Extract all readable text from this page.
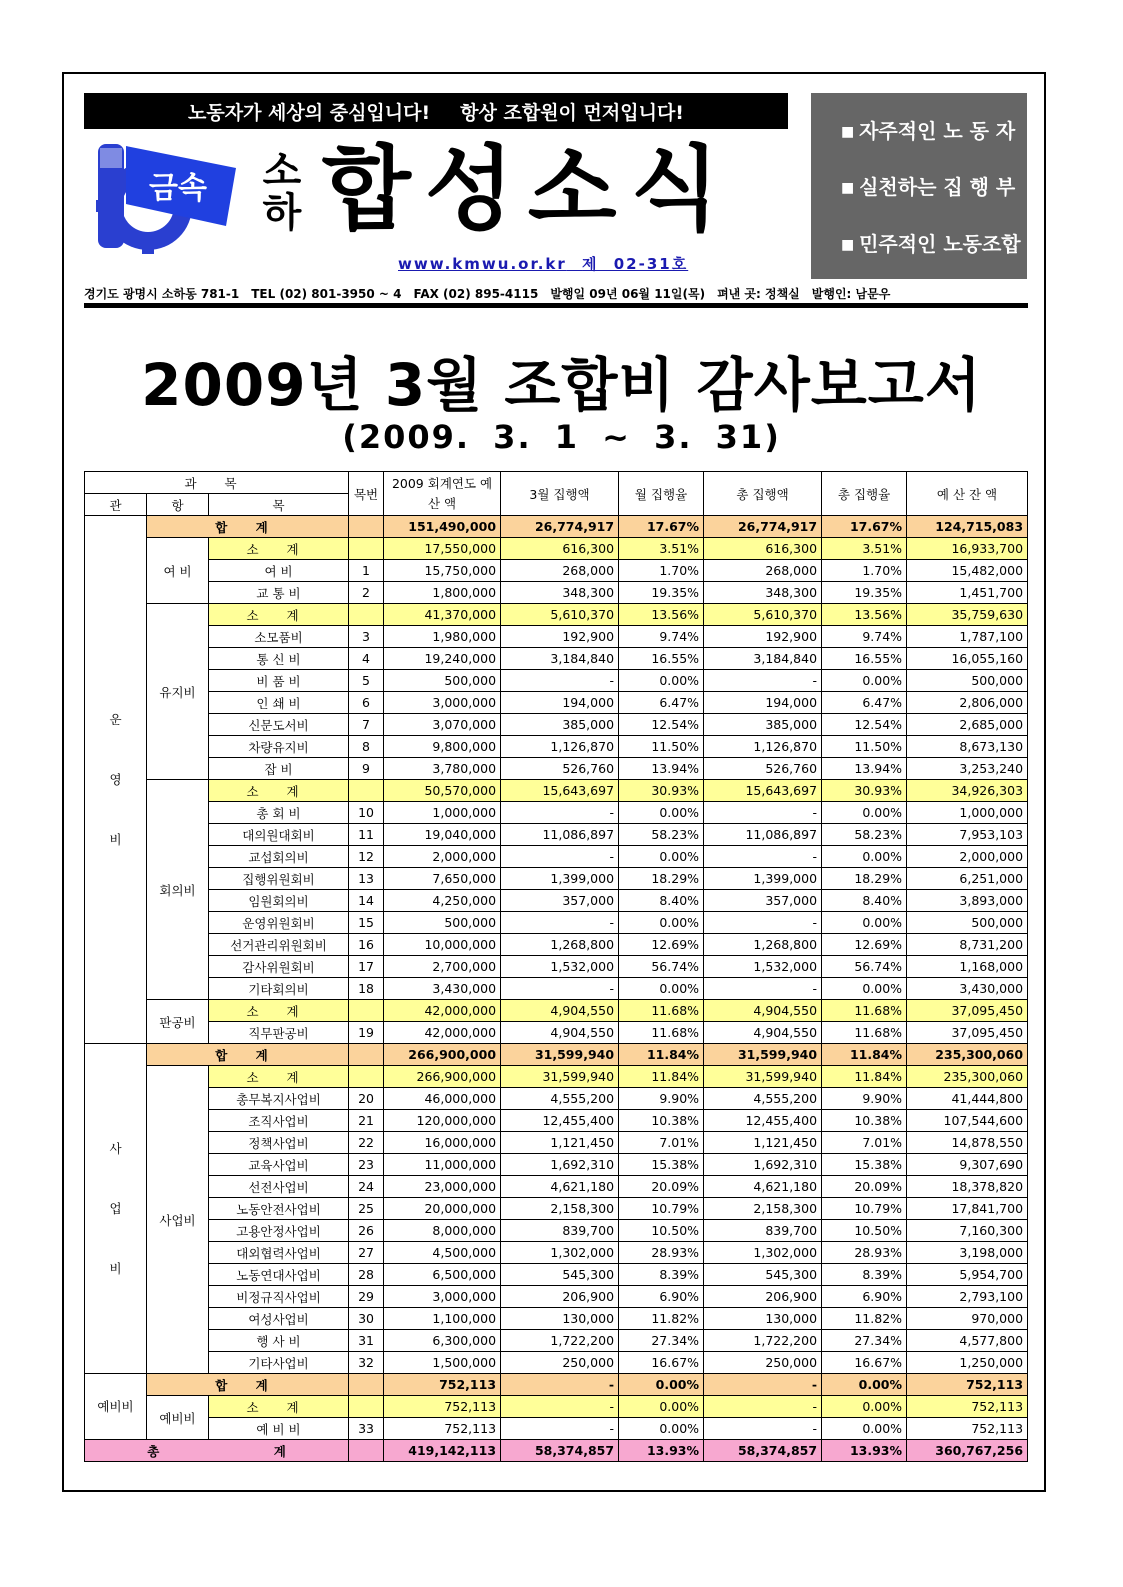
노동자가 세상의 중심입니다! 항상 조합원이 먼저입니다!
금속 소
하 합성소식
www.kmwu.or.kr 제 02-31호
■ 자주적인 노 동 자
■ 실천하는 집 행 부
■ 민주적인 노동조합
경기도 광명시 소하동 781-1 TEL (02) 801-3950 ~ 4 FAX (02) 895-4115 발행일 09년 06월 11일(목) 펴낸 곳: 정책실 발행인: 남문우
2009년 3월 조합비 감사보고서
(2009. 3. 1 ~ 3. 31)
과 목			목번	2009 회계연도 예 산 액	3월 집행액	월 집행율	총 집행액	총 집행율	예 산 잔 액
관	항	목							
운
영
비	합 계			151,490,000	26,774,917	17.67%	26,774,917	17.67%	124,715,083
	여 비	소 계		17,550,000	616,300	3.51%	616,300	3.51%	16,933,700
		여 비	1	15,750,000	268,000	1.70%	268,000	1.70%	15,482,000
		교 통 비	2	1,800,000	348,300	19.35%	348,300	19.35%	1,451,700
	유지비	소 계		41,370,000	5,610,370	13.56%	5,610,370	13.56%	35,759,630
		소모품비	3	1,980,000	192,900	9.74%	192,900	9.74%	1,787,100
		통 신 비	4	19,240,000	3,184,840	16.55%	3,184,840	16.55%	16,055,160
		비 품 비	5	500,000	-	0.00%	-	0.00%	500,000
		인 쇄 비	6	3,000,000	194,000	6.47%	194,000	6.47%	2,806,000
		신문도서비	7	3,070,000	385,000	12.54%	385,000	12.54%	2,685,000
		차량유지비	8	9,800,000	1,126,870	11.50%	1,126,870	11.50%	8,673,130
		잡 비	9	3,780,000	526,760	13.94%	526,760	13.94%	3,253,240
	회의비	소 계		50,570,000	15,643,697	30.93%	15,643,697	30.93%	34,926,303
		총 회 비	10	1,000,000	-	0.00%	-	0.00%	1,000,000
		대의원대회비	11	19,040,000	11,086,897	58.23%	11,086,897	58.23%	7,953,103
		교섭회의비	12	2,000,000	-	0.00%	-	0.00%	2,000,000
		집행위원회비	13	7,650,000	1,399,000	18.29%	1,399,000	18.29%	6,251,000
		임원회의비	14	4,250,000	357,000	8.40%	357,000	8.40%	3,893,000
		운영위원회비	15	500,000	-	0.00%	-	0.00%	500,000
		선거관리위원회비	16	10,000,000	1,268,800	12.69%	1,268,800	12.69%	8,731,200
		감사위원회비	17	2,700,000	1,532,000	56.74%	1,532,000	56.74%	1,168,000
		기타회의비	18	3,430,000	-	0.00%	-	0.00%	3,430,000
	판공비	소 계		42,000,000	4,904,550	11.68%	4,904,550	11.68%	37,095,450
		직무판공비	19	42,000,000	4,904,550	11.68%	4,904,550	11.68%	37,095,450
사
업
비	합 계			266,900,000	31,599,940	11.84%	31,599,940	11.84%	235,300,060
	사업비	소 계		266,900,000	31,599,940	11.84%	31,599,940	11.84%	235,300,060
		총무복지사업비	20	46,000,000	4,555,200	9.90%	4,555,200	9.90%	41,444,800
		조직사업비	21	120,000,000	12,455,400	10.38%	12,455,400	10.38%	107,544,600
		정책사업비	22	16,000,000	1,121,450	7.01%	1,121,450	7.01%	14,878,550
		교육사업비	23	11,000,000	1,692,310	15.38%	1,692,310	15.38%	9,307,690
		선전사업비	24	23,000,000	4,621,180	20.09%	4,621,180	20.09%	18,378,820
		노동안전사업비	25	20,000,000	2,158,300	10.79%	2,158,300	10.79%	17,841,700
		고용안정사업비	26	8,000,000	839,700	10.50%	839,700	10.50%	7,160,300
		대외협력사업비	27	4,500,000	1,302,000	28.93%	1,302,000	28.93%	3,198,000
		노동연대사업비	28	6,500,000	545,300	8.39%	545,300	8.39%	5,954,700
		비정규직사업비	29	3,000,000	206,900	6.90%	206,900	6.90%	2,793,100
		여성사업비	30	1,100,000	130,000	11.82%	130,000	11.82%	970,000
		행 사 비	31	6,300,000	1,722,200	27.34%	1,722,200	27.34%	4,577,800
		기타사업비	32	1,500,000	250,000	16.67%	250,000	16.67%	1,250,000
예비비	합 계			752,113	-	0.00%	-	0.00%	752,113
	예비비	소 계		752,113	-	0.00%	-	0.00%	752,113
		예 비 비	33	752,113	-	0.00%	-	0.00%	752,113
총 계				419,142,113	58,374,857	13.93%	58,374,857	13.93%	360,767,256
